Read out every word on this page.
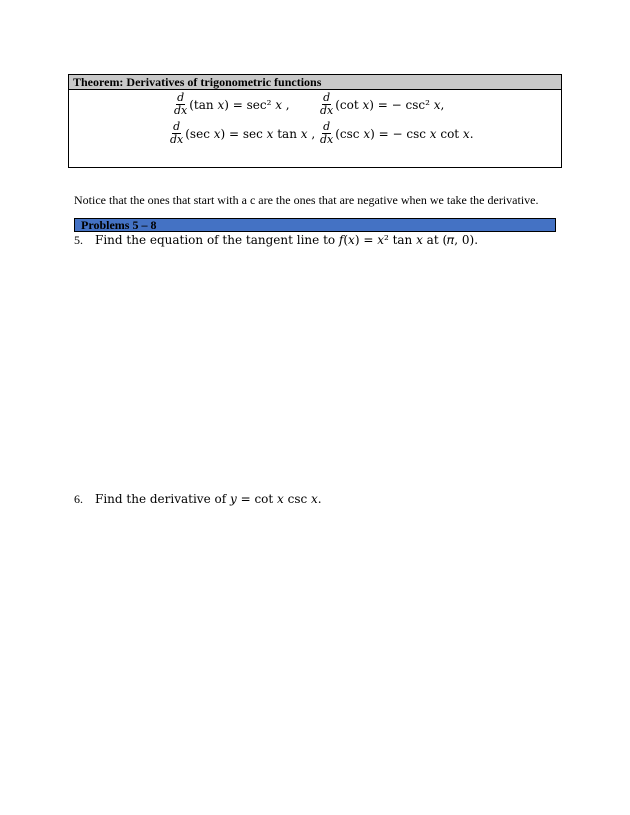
Theorem: Derivatives of trigonometric functions
$\frac{d}{dx} (\tan$ 𝑥) = sec² 𝑥 ,	$\frac{d}{dx} (\cot$ 𝑥) = − csc² 𝑥,
$\frac{d}{dx} (\sec$ 𝑥) = sec 𝑥 tan 𝑥 , $\frac{d}{dx} (\csc$ 𝑥) = − csc 𝑥 cot 𝑥.
Notice that the ones that start with a c are the ones that are negative when we take the derivative.
Problems 5 – 8
5. Find the equation of the tangent line to 𝑓(𝑥) = 𝑥² tan 𝑥 at (𝜋, 0).
6. Find the derivative of 𝑦 = cot 𝑥 csc 𝑥.
